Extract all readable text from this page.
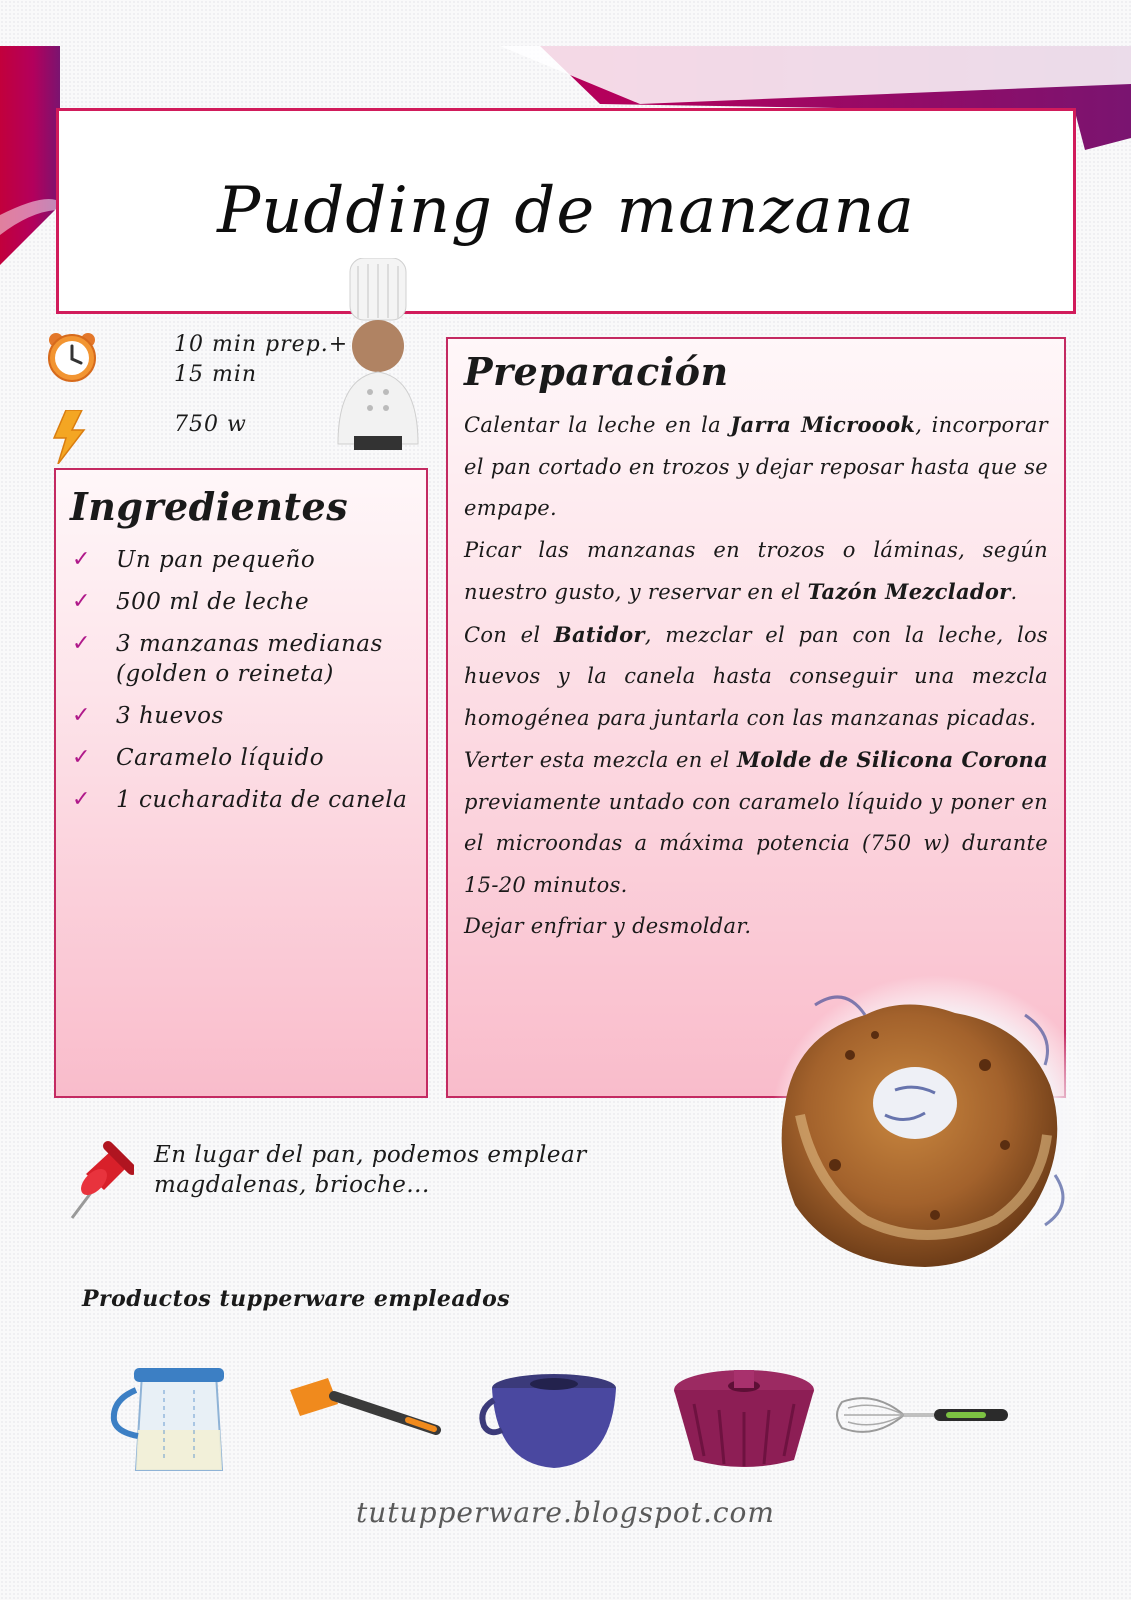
Pudding de manzana
10 min prep.+ 15 min
750 w
Ingredientes
✓ Un pan pequeño
✓ 500 ml de leche
✓ 3 manzanas medianas (golden o reineta)
✓ 3 huevos
✓ Caramelo líquido
✓ 1 cucharadita de canela
Preparación

Calentar la leche en la Jarra Microook, incorporar el pan cortado en trozos y dejar reposar hasta que se empape.

Picar las manzanas en trozos o láminas, según nuestro gusto, y reservar en el Tazón Mezclador.

Con el Batidor, mezclar el pan con la leche, los huevos y la canela hasta conseguir una mezcla homogénea para juntarla con las manzanas picadas.

Verter esta mezcla en el Molde de Silicona Corona previamente untado con caramelo líquido y poner en el microondas a máxima potencia (750 w) durante 15-20 minutos.

Dejar enfriar y desmoldar.

En lugar del pan, podemos emplear magdalenas, brioche...
Productos tupperware empleados
tutupperware.blogspot.com
